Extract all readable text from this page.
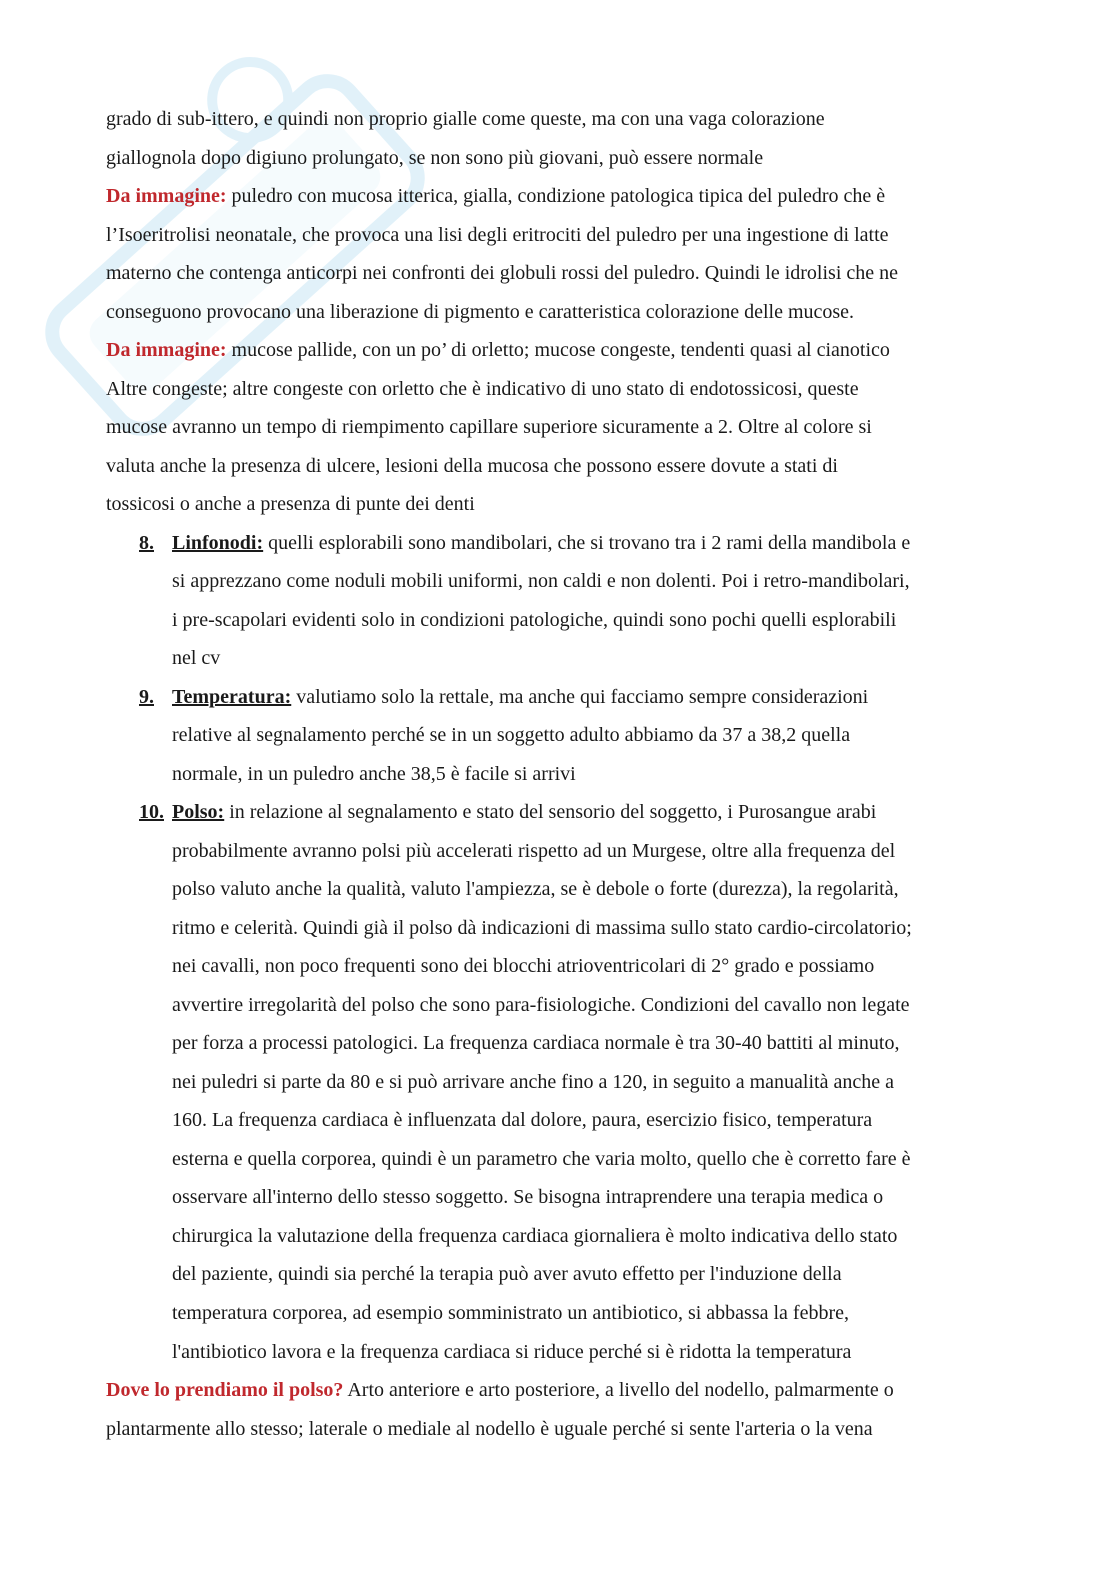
grado di sub-ittero, e quindi non proprio gialle come queste, ma con una vaga colorazione
giallognola dopo digiuno prolungato, se non sono più giovani, può essere normale
Da immagine: puledro con mucosa itterica, gialla, condizione patologica tipica del puledro che è
l’Isoeritrolisi neonatale, che provoca una lisi degli eritrociti del puledro per una ingestione di latte
materno che contenga anticorpi nei confronti dei globuli rossi del puledro. Quindi le idrolisi che ne
conseguono provocano una liberazione di pigmento e caratteristica colorazione delle mucose.
Da immagine: mucose pallide, con un po’ di orletto; mucose congeste, tendenti quasi al cianotico
Altre congeste; altre congeste con orletto che è indicativo di uno stato di endotossicosi, queste
mucose avranno un tempo di riempimento capillare superiore sicuramente a 2. Oltre al colore si
valuta anche la presenza di ulcere, lesioni della mucosa che possono essere dovute a stati di
tossicosi o anche a presenza di punte dei denti
8. Linfonodi: quelli esplorabili sono mandibolari, che si trovano tra i 2 rami della mandibola e
si apprezzano come noduli mobili uniformi, non caldi e non dolenti. Poi i retro-mandibolari,
i pre-scapolari evidenti solo in condizioni patologiche, quindi sono pochi quelli esplorabili
nel cv
9. Temperatura: valutiamo solo la rettale, ma anche qui facciamo sempre considerazioni
relative al segnalamento perché se in un soggetto adulto abbiamo da 37 a 38,2 quella
normale, in un puledro anche 38,5 è facile si arrivi
10. Polso: in relazione al segnalamento e stato del sensorio del soggetto, i Purosangue arabi
probabilmente avranno polsi più accelerati rispetto ad un Murgese, oltre alla frequenza del
polso valuto anche la qualità, valuto l'ampiezza, se è debole o forte (durezza), la regolarità,
ritmo e celerità. Quindi già il polso dà indicazioni di massima sullo stato cardio-circolatorio;
nei cavalli, non poco frequenti sono dei blocchi atrioventricolari di 2° grado e possiamo
avvertire irregolarità del polso che sono para-fisiologiche. Condizioni del cavallo non legate
per forza a processi patologici. La frequenza cardiaca normale è tra 30-40 battiti al minuto,
nei puledri si parte da 80 e si può arrivare anche fino a 120, in seguito a manualità anche a
160. La frequenza cardiaca è influenzata dal dolore, paura, esercizio fisico, temperatura
esterna e quella corporea, quindi è un parametro che varia molto, quello che è corretto fare è
osservare all'interno dello stesso soggetto. Se bisogna intraprendere una terapia medica o
chirurgica la valutazione della frequenza cardiaca giornaliera è molto indicativa dello stato
del paziente, quindi sia perché la terapia può aver avuto effetto per l'induzione della
temperatura corporea, ad esempio somministrato un antibiotico, si abbassa la febbre,
l'antibiotico lavora e la frequenza cardiaca si riduce perché si è ridotta la temperatura
Dove lo prendiamo il polso? Arto anteriore e arto posteriore, a livello del nodello, palmarmente o
plantarmente allo stesso; laterale o mediale al nodello è uguale perché si sente l'arteria o la vena
